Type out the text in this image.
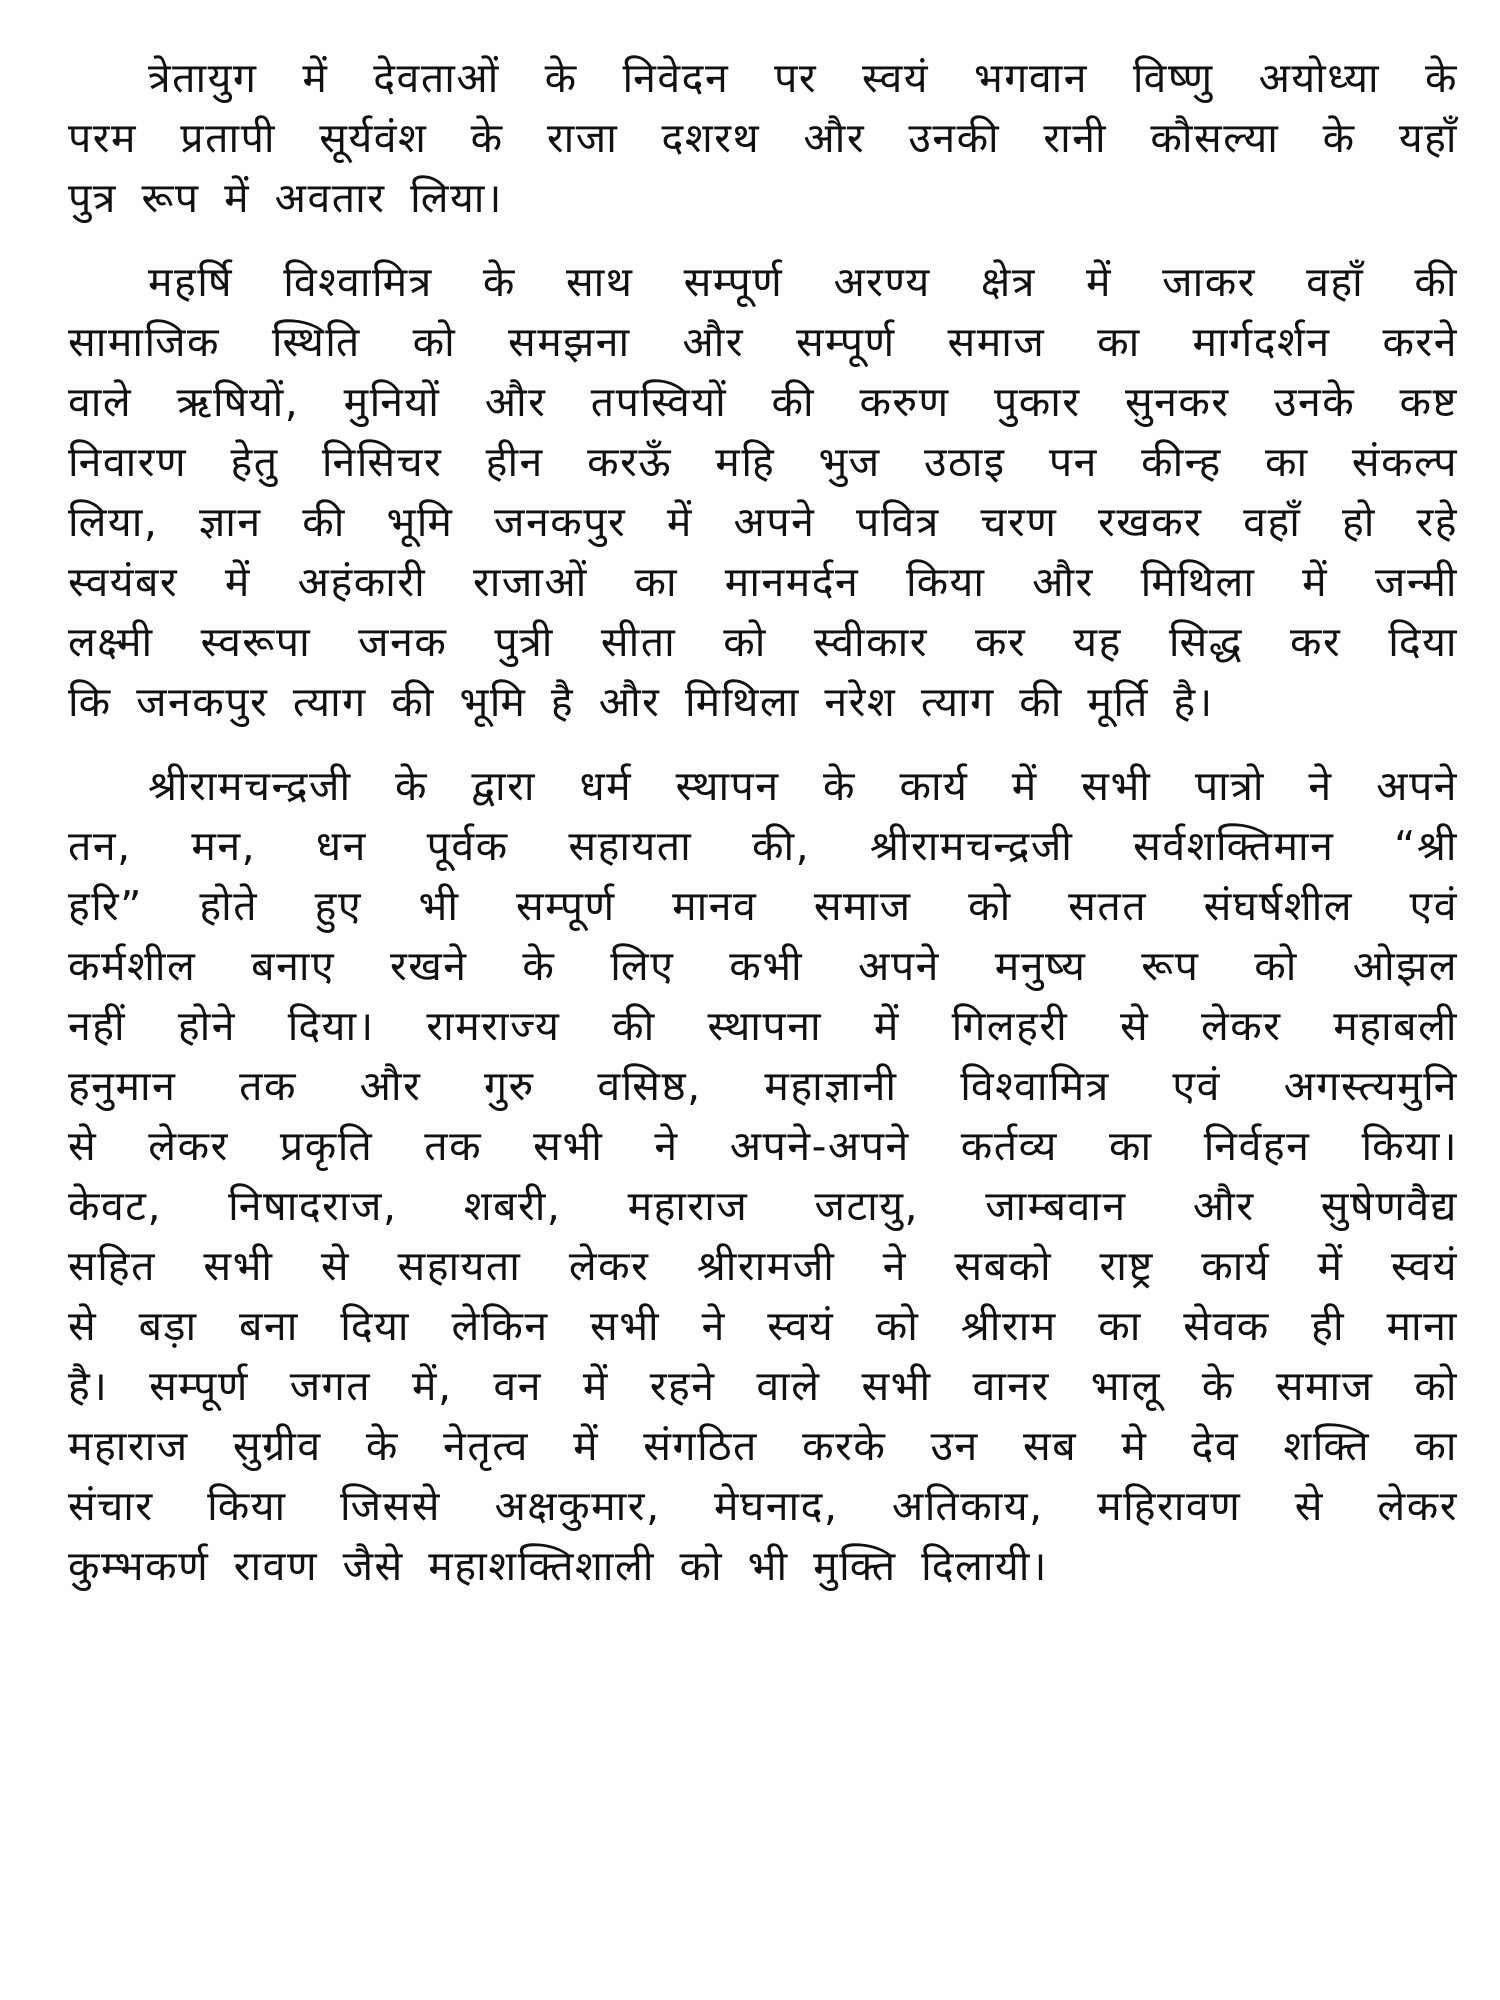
त्रेतायुग में देवताओं के निवेदन पर स्वयं भगवान विष्णु अयोध्या के
परम प्रतापी सूर्यवंश के राजा दशरथ और उनकी रानी कौसल्या के यहाँ
पुत्र रूप में अवतार लिया।
महर्षि विश्वामित्र के साथ सम्पूर्ण अरण्य क्षेत्र में जाकर वहाँ की
सामाजिक स्थिति को समझना और सम्पूर्ण समाज का मार्गदर्शन करने
वाले ऋषियों, मुनियों और तपस्वियों की करुण पुकार सुनकर उनके कष्ट
निवारण हेतु निसिचर हीन करऊँ महि भुज उठाइ पन कीन्ह का संकल्प
लिया, ज्ञान की भूमि जनकपुर में अपने पवित्र चरण रखकर वहाँ हो रहे
स्वयंबर में अहंकारी राजाओं का मानमर्दन किया और मिथिला में जन्मी
लक्ष्मी स्वरूपा जनक पुत्री सीता को स्वीकार कर यह सिद्ध कर दिया
कि जनकपुर त्याग की भूमि है और मिथिला नरेश त्याग की मूर्ति है।
श्रीरामचन्द्रजी के द्वारा धर्म स्थापन के कार्य में सभी पात्रो ने अपने
तन, मन, धन पूर्वक सहायता की, श्रीरामचन्द्रजी सर्वशक्तिमान “श्री
हरि” होते हुए भी सम्पूर्ण मानव समाज को सतत संघर्षशील एवं
कर्मशील बनाए रखने के लिए कभी अपने मनुष्य रूप को ओझल
नहीं होने दिया। रामराज्य की स्थापना में गिलहरी से लेकर महाबली
हनुमान तक और गुरु वसिष्ठ, महाज्ञानी विश्वामित्र एवं अगस्त्यमुनि
से लेकर प्रकृति तक सभी ने अपने-अपने कर्तव्य का निर्वहन किया।
केवट, निषादराज, शबरी, महाराज जटायु, जाम्बवान और सुषेणवैद्य
सहित सभी से सहायता लेकर श्रीरामजी ने सबको राष्ट्र कार्य में स्वयं
से बड़ा बना दिया लेकिन सभी ने स्वयं को श्रीराम का सेवक ही माना
है। सम्पूर्ण जगत में, वन में रहने वाले सभी वानर भालू के समाज को
महाराज सुग्रीव के नेतृत्व में संगठित करके उन सब मे देव शक्ति का
संचार किया जिससे अक्षकुमार, मेघनाद, अतिकाय, महिरावण से लेकर
कुम्भकर्ण रावण जैसे महाशक्तिशाली को भी मुक्ति दिलायी।
